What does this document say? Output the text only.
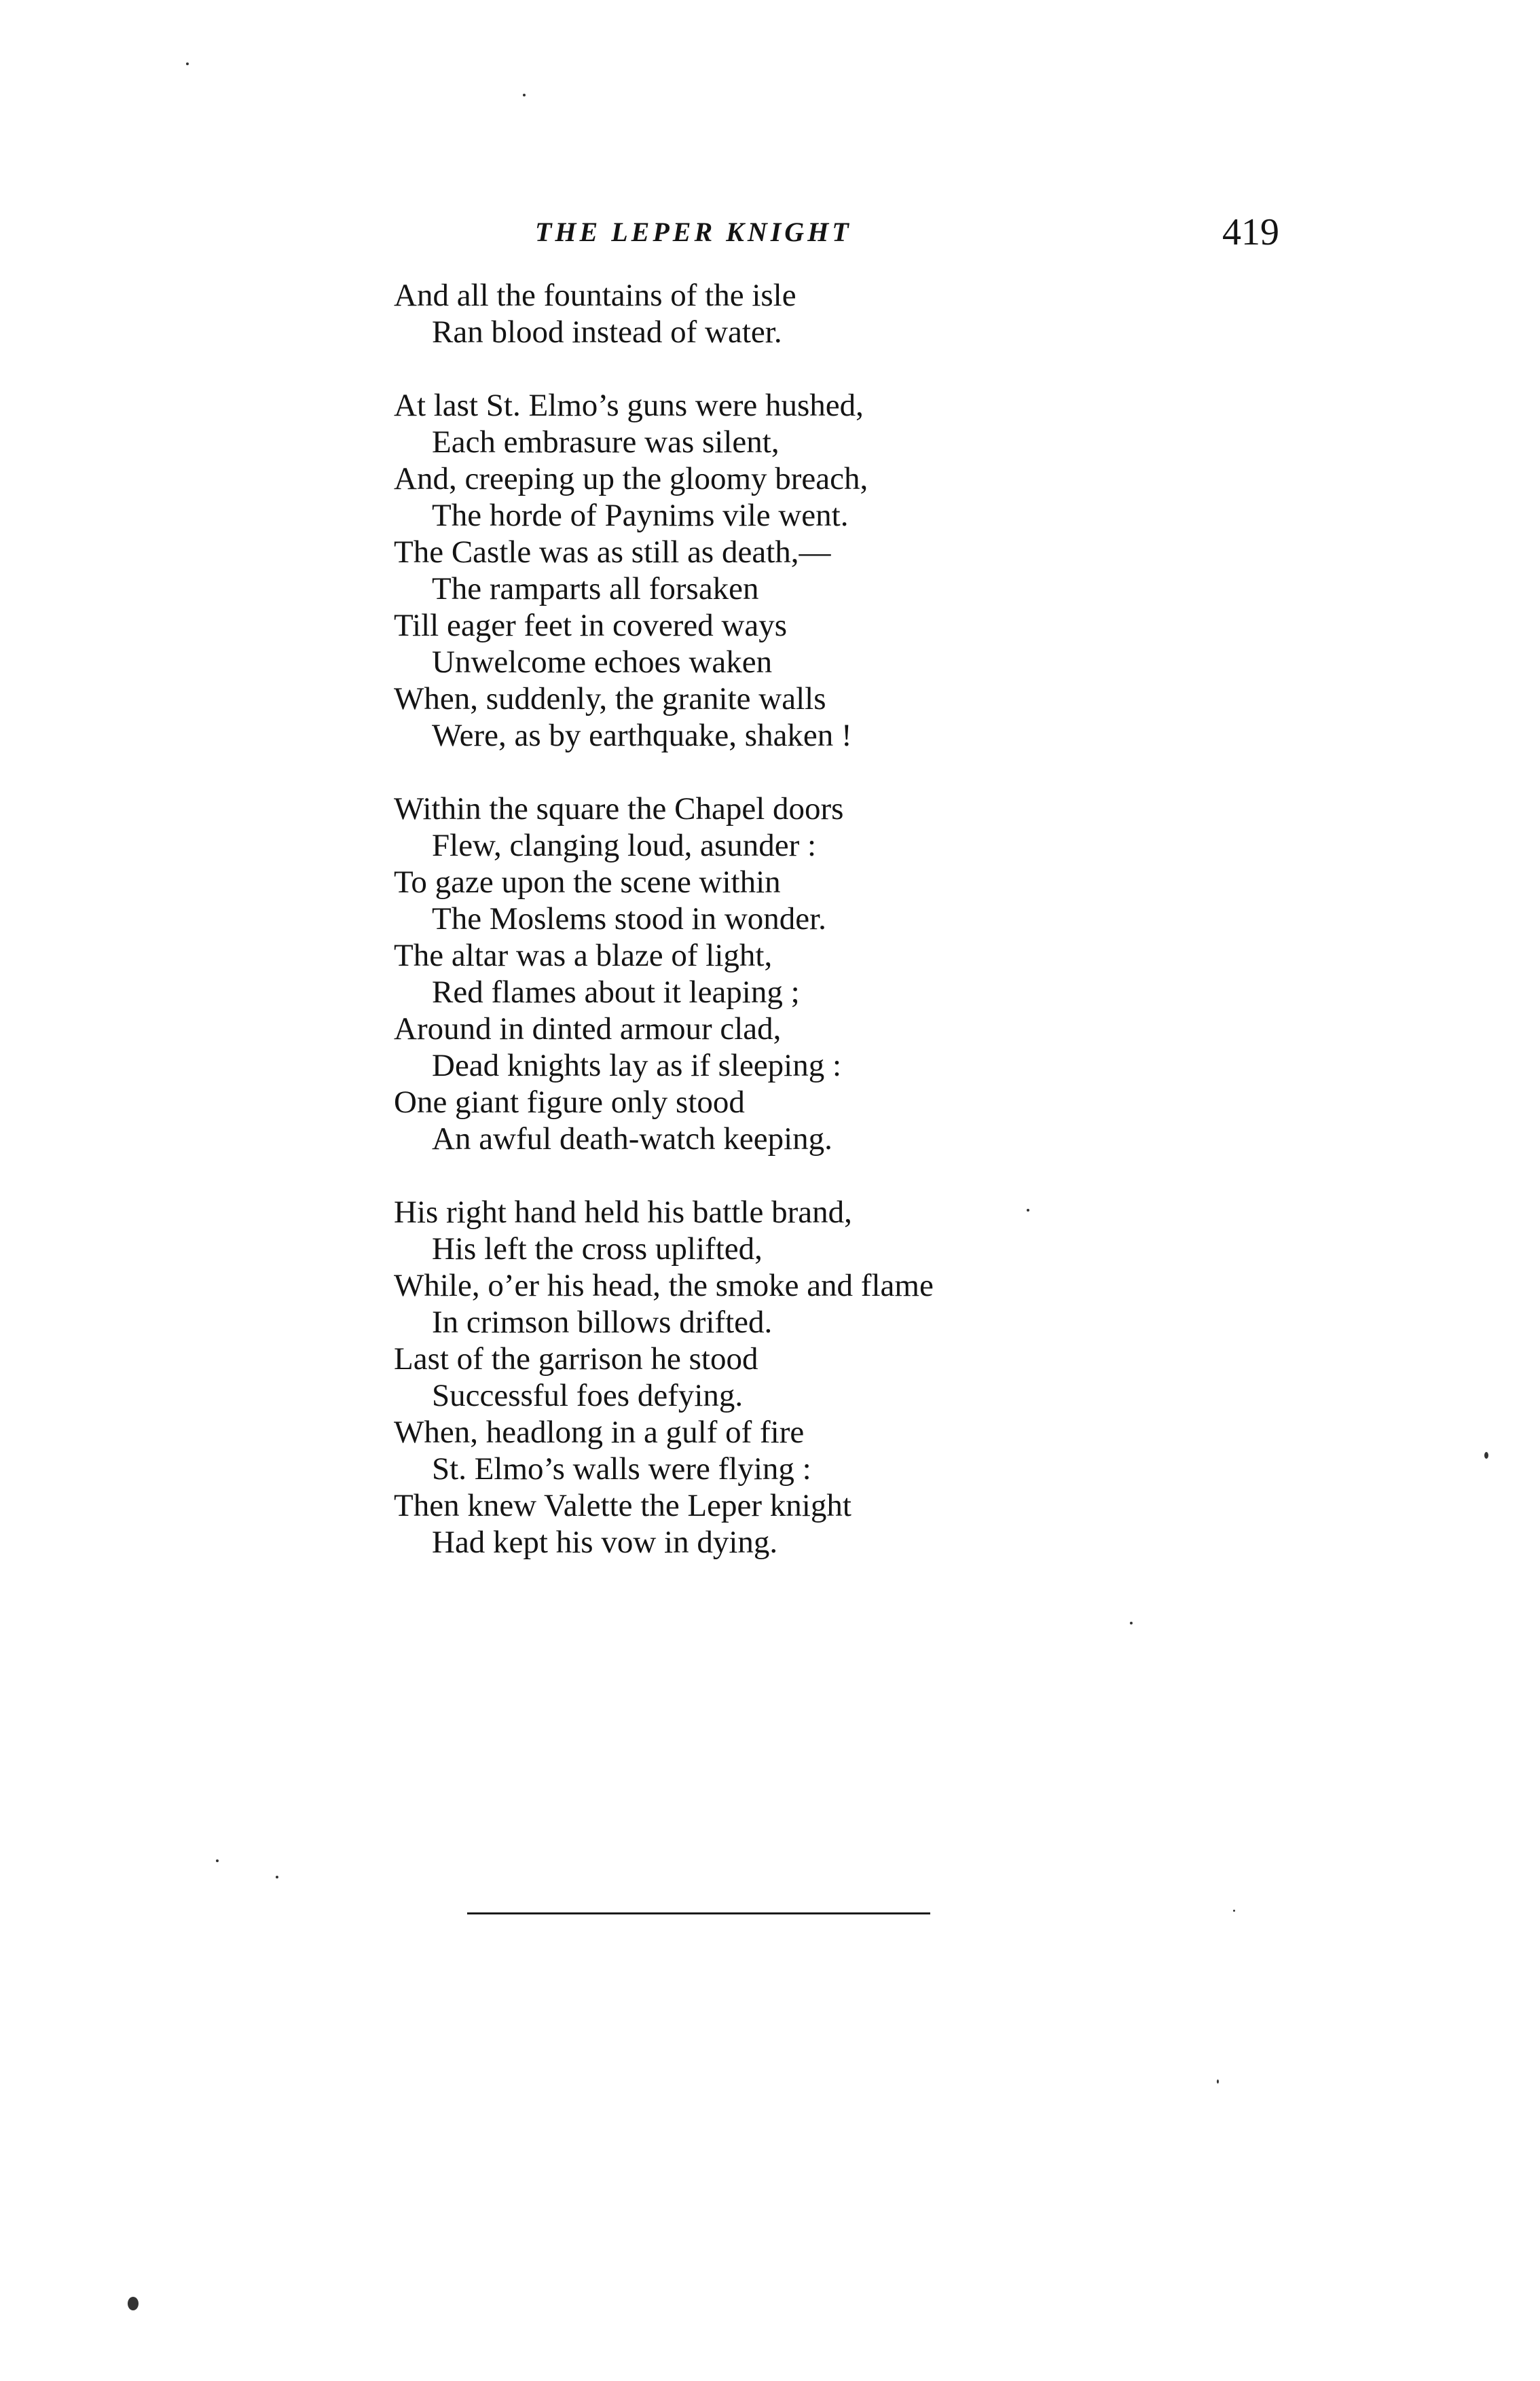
THE LEPER KNIGHT	419
And all the fountains of the isle
Ran blood instead of water.
At last St. Elmo’s guns were hushed,
Each embrasure was silent,
And, creeping up the gloomy breach,
The horde of Paynims vile went.
The Castle was as still as death,—
The ramparts all forsaken
Till eager feet in covered ways
Unwelcome echoes waken
When, suddenly, the granite walls
Were, as by earthquake, shaken !
Within the square the Chapel doors
Flew, clanging loud, asunder :
To gaze upon the scene within
The Moslems stood in wonder.
The altar was a blaze of light,
Red flames about it leaping ;
Around in dinted armour clad,
Dead knights lay as if sleeping :
One giant figure only stood
An awful death-watch keeping.
His right hand held his battle brand,
His left the cross uplifted,
While, o’er his head, the smoke and flame
In crimson billows drifted.
Last of the garrison he stood
Successful foes defying.
When, headlong in a gulf of fire
St. Elmo’s walls were flying :
Then knew Valette the Leper knight
Had kept his vow in dying.
